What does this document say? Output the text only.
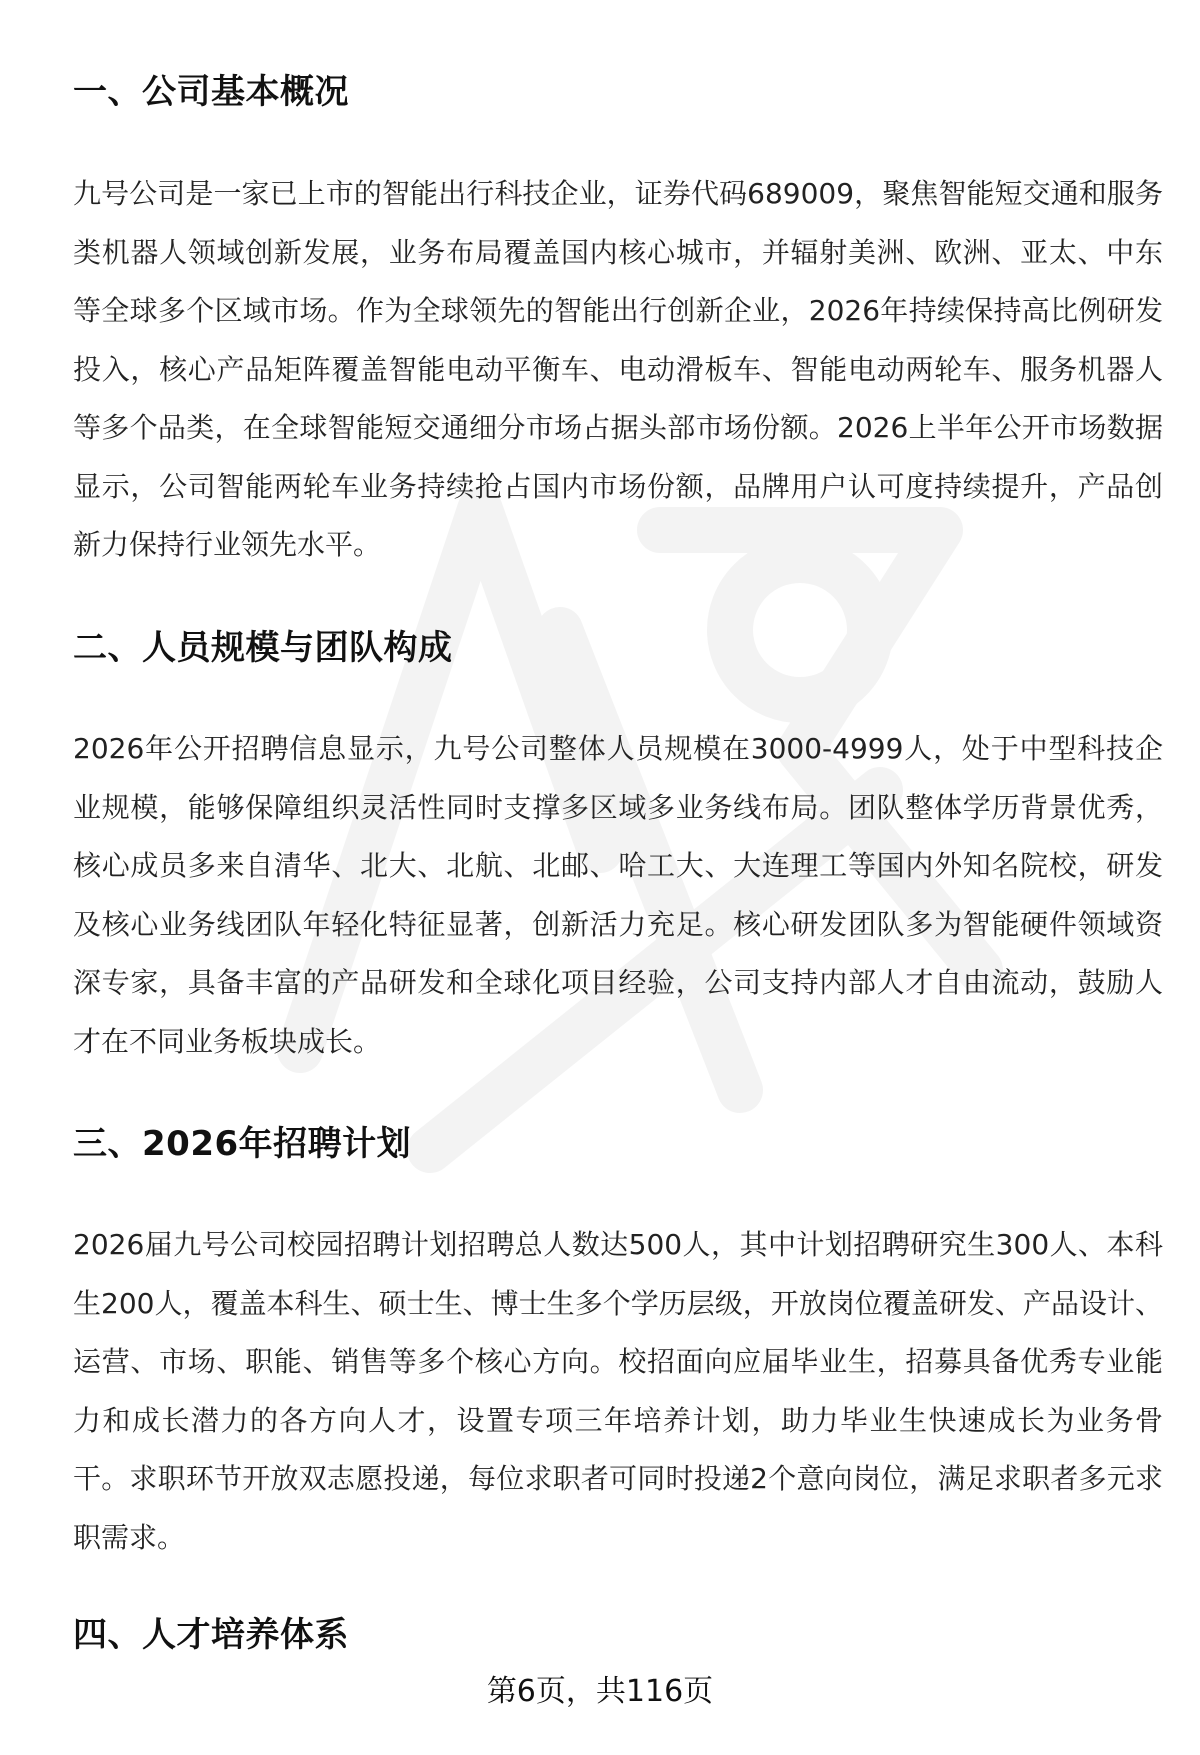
一、公司基本概况

九号公司是一家已上市的智能出行科技企业，证券代码689009，聚焦智能短交通和服务类机器人领域创新发展，业务布局覆盖国内核心城市，并辐射美洲、欧洲、亚太、中东等全球多个区域市场。作为全球领先的智能出行创新企业，2026年持续保持高比例研发投入，核心产品矩阵覆盖智能电动平衡车、电动滑板车、智能电动两轮车、服务机器人等多个品类，在全球智能短交通细分市场占据头部市场份额。2026上半年公开市场数据显示，公司智能两轮车业务持续抢占国内市场份额，品牌用户认可度持续提升，产品创新力保持行业领先水平。

二、人员规模与团队构成

2026年公开招聘信息显示，九号公司整体人员规模在3000-4999人，处于中型科技企业规模，能够保障组织灵活性同时支撑多区域多业务线布局。团队整体学历背景优秀，核心成员多来自清华、北大、北航、北邮、哈工大、大连理工等国内外知名院校，研发及核心业务线团队年轻化特征显著，创新活力充足。核心研发团队多为智能硬件领域资深专家，具备丰富的产品研发和全球化项目经验，公司支持内部人才自由流动，鼓励人才在不同业务板块成长。

三、2026年招聘计划

2026届九号公司校园招聘计划招聘总人数达500人，其中计划招聘研究生300人、本科生200人，覆盖本科生、硕士生、博士生多个学历层级，开放岗位覆盖研发、产品设计、运营、市场、职能、销售等多个核心方向。校招面向应届毕业生，招募具备优秀专业能力和成长潜力的各方向人才，设置专项三年培养计划，助力毕业生快速成长为业务骨干。求职环节开放双志愿投递，每位求职者可同时投递2个意向岗位，满足求职者多元求职需求。

四、人才培养体系
第6页，共116页
